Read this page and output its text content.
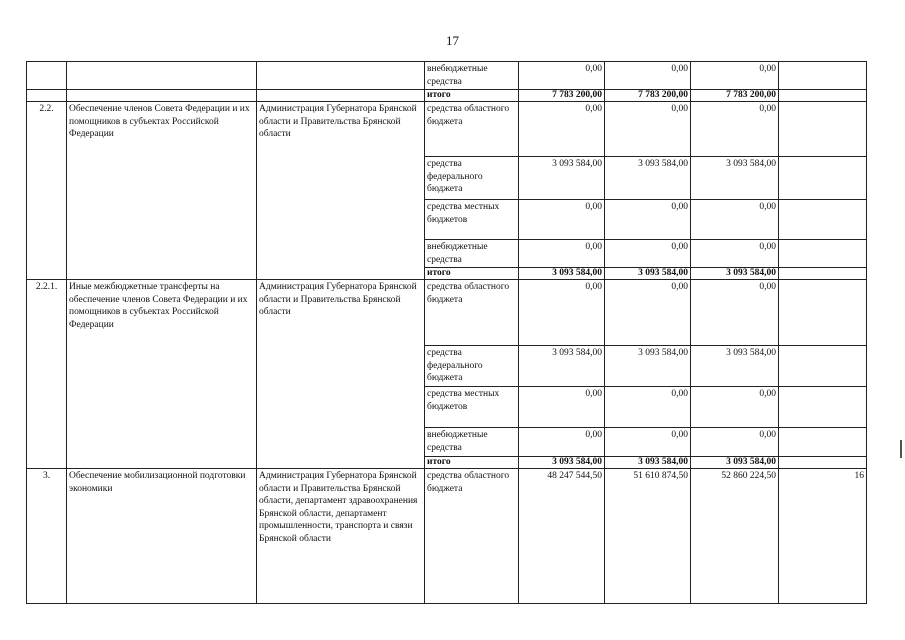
17
			внебюджетные средства	0,00	0,00	0,00	
			итого	7 783 200,00	7 783 200,00	7 783 200,00	
2.2.	Обеспечение членов Совета Федерации и их помощников в субъектах Российской Федерации	Администрация Губернатора Брянской области и Правительства Брянской области	средства областного бюджета	0,00	0,00	0,00	
			средства федерального бюджета	3 093 584,00	3 093 584,00	3 093 584,00	
			средства местных бюджетов	0,00	0,00	0,00	
			внебюджетные средства	0,00	0,00	0,00	
			итого	3 093 584,00	3 093 584,00	3 093 584,00	
2.2.1.	Иные межбюджетные трансферты на обеспечение членов Совета Федерации и их помощников в субъектах Российской Федерации	Администрация Губернатора Брянской области и Правительства Брянской области	средства областного бюджета	0,00	0,00	0,00	
			средства федерального бюджета	3 093 584,00	3 093 584,00	3 093 584,00	
			средства местных бюджетов	0,00	0,00	0,00	
			внебюджетные средства	0,00	0,00	0,00	
			итого	3 093 584,00	3 093 584,00	3 093 584,00	
3.	Обеспечение мобилизационной подготовки экономики	Администрация Губернатора Брянской области и Правительства Брянской области, департамент здравоохранения Брянской области, департамент промышленности, транспорта и связи Брянской области	средства областного бюджета	48 247 544,50	51 610 874,50	52 860 224,50	16
